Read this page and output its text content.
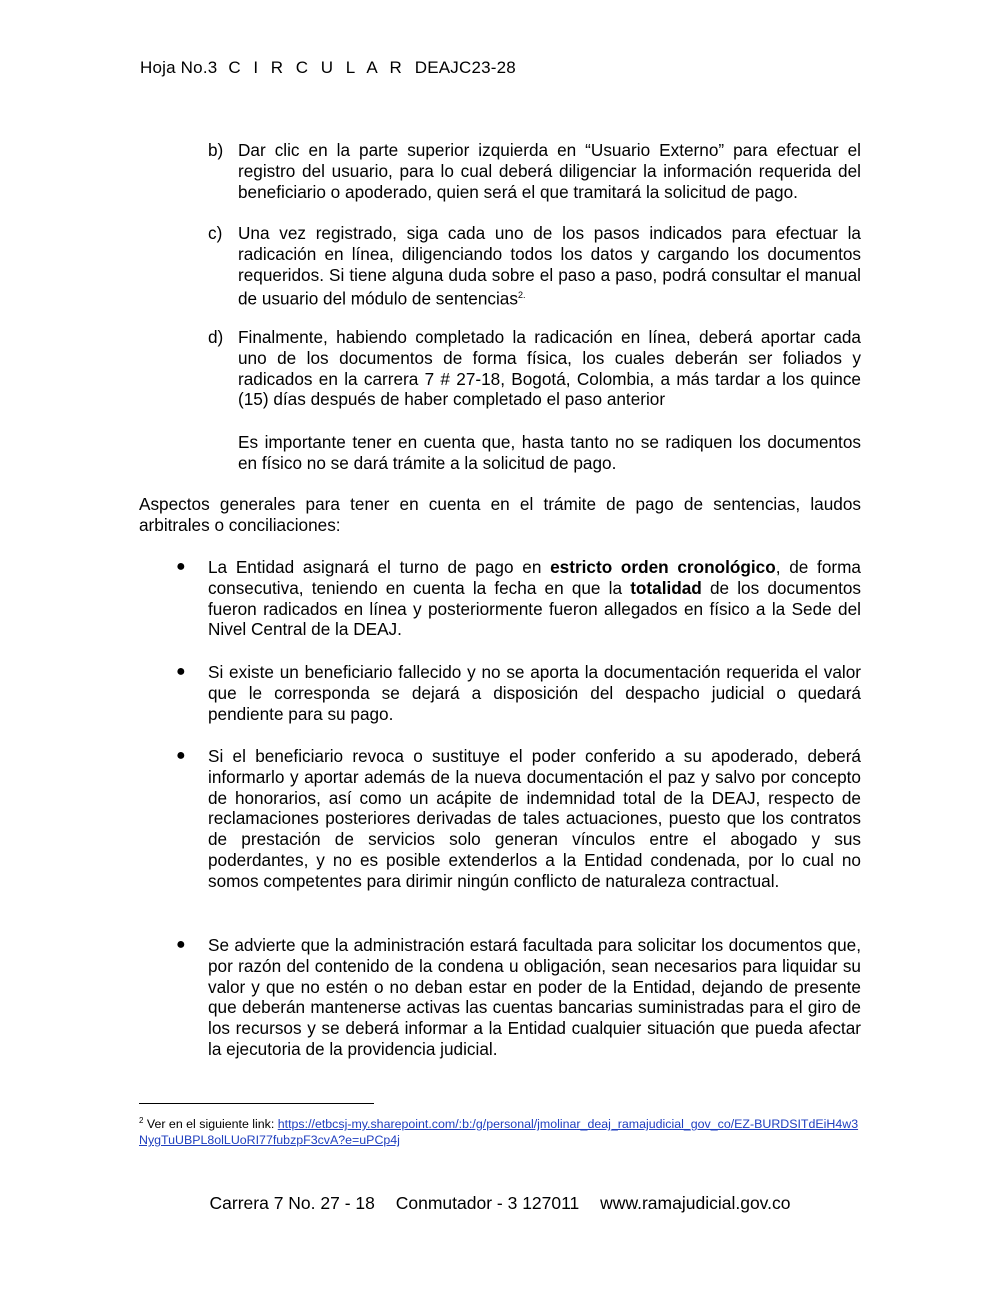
Hoja No.3 C I R C U L A R DEAJC23-28
b) Dar clic en la parte superior izquierda en “Usuario Externo” para efectuar el registro del usuario, para lo cual deberá diligenciar la información requerida del beneficiario o apoderado, quien será el que tramitará la solicitud de pago.
c) Una vez registrado, siga cada uno de los pasos indicados para efectuar la radicación en línea, diligenciando todos los datos y cargando los documentos requeridos. Si tiene alguna duda sobre el paso a paso, podrá consultar el manual de usuario del módulo de sentencias$^{2.}$
d) Finalmente, habiendo completado la radicación en línea, deberá aportar cada uno de los documentos de forma física, los cuales deberán ser foliados y radicados en la carrera 7 # 27-18, Bogotá, Colombia, a más tardar a los quince (15) días después de haber completado el paso anterior
Es importante tener en cuenta que, hasta tanto no se radiquen los documentos en físico no se dará trámite a la solicitud de pago.
Aspectos generales para tener en cuenta en el trámite de pago de sentencias, laudos arbitrales o conciliaciones:
● La Entidad asignará el turno de pago en estricto orden cronológico, de forma consecutiva, teniendo en cuenta la fecha en que la totalidad de los documentos fueron radicados en línea y posteriormente fueron allegados en físico a la Sede del Nivel Central de la DEAJ.
● Si existe un beneficiario fallecido y no se aporta la documentación requerida el valor que le corresponda se dejará a disposición del despacho judicial o quedará pendiente para su pago.
● Si el beneficiario revoca o sustituye el poder conferido a su apoderado, deberá informarlo y aportar además de la nueva documentación el paz y salvo por concepto de honorarios, así como un acápite de indemnidad total de la DEAJ, respecto de reclamaciones posteriores derivadas de tales actuaciones, puesto que los contratos de prestación de servicios solo generan vínculos entre el abogado y sus poderdantes, y no es posible extenderlos a la Entidad condenada, por lo cual no somos competentes para dirimir ningún conflicto de naturaleza contractual.
● Se advierte que la administración estará facultada para solicitar los documentos que, por razón del contenido de la condena u obligación, sean necesarios para liquidar su valor y que no estén o no deban estar en poder de la Entidad, dejando de presente que deberán mantenerse activas las cuentas bancarias suministradas para el giro de los recursos y se deberá informar a la Entidad cualquier situación que pueda afectar la ejecutoria de la providencia judicial.
$^2$ Ver en el siguiente link: https://etbcsj-my.sharepoint.com/:b:/g/personal/jmolinar_deaj_ramajudicial_gov_co/EZ-BURDSITdEiH4w3NygTuUBPL8olLUoRI77fubzpF3cvA?e=uPCp4j
Carrera 7 No. 27 - 18 Conmutador - 3 127011 www.ramajudicial.gov.co
